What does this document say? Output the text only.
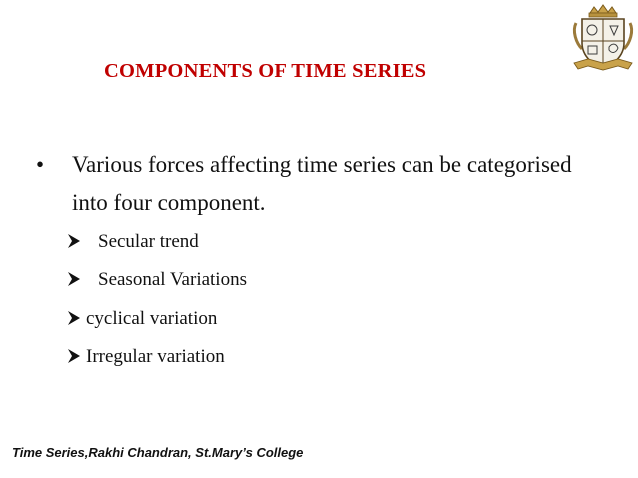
COMPONENTS OF TIME SERIES
•	Various forces affecting time series can be categorised
into four component.
Secular trend
Seasonal Variations
cyclical variation
Irregular variation
Time Series,Rakhi Chandran, St.Mary’s College
